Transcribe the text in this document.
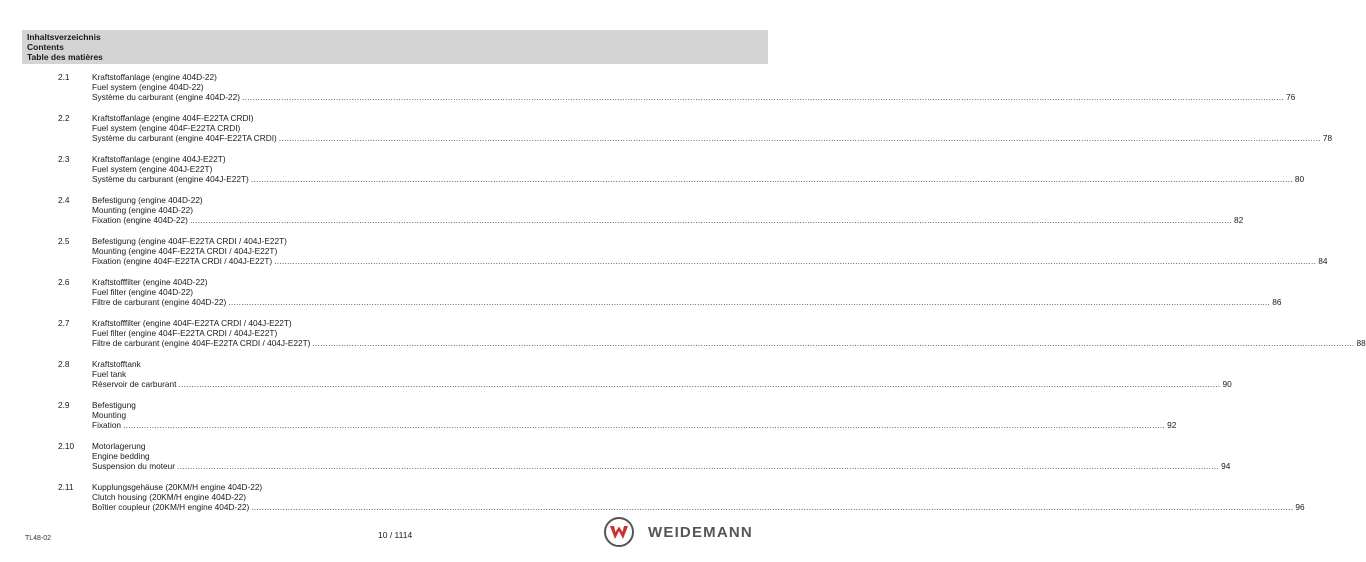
Inhaltsverzeichnis
Contents
Table des matières
2.1	Kraftstoffanlage (engine 404D-22)
Fuel system (engine 404D-22)
Système du carburant (engine 404D-22) ................................................................................................................................................................................................................................................................................................................................................................................................................ 76
2.2	Kraftstoffanlage (engine 404F-E22TA CRDI)
Fuel system (engine 404F-E22TA CRDI)
Système du carburant (engine 404F-E22TA CRDI) ................................................................................................................................................................................................................................................................................................................................................................................................................ 78
2.3	Kraftstoffanlage (engine 404J-E22T)
Fuel system (engine 404J-E22T)
Système du carburant (engine 404J-E22T) ................................................................................................................................................................................................................................................................................................................................................................................................................ 80
2.4	Befestigung (engine 404D-22)
Mounting (engine 404D-22)
Fixation (engine 404D-22) ................................................................................................................................................................................................................................................................................................................................................................................................................ 82
2.5	Befestigung (engine 404F-E22TA CRDI / 404J-E22T)
Mounting (engine 404F-E22TA CRDI / 404J-E22T)
Fixation (engine 404F-E22TA CRDI / 404J-E22T) ................................................................................................................................................................................................................................................................................................................................................................................................................ 84
2.6	Kraftstofffilter (engine 404D-22)
Fuel filter (engine 404D-22)
Filtre de carburant (engine 404D-22) ................................................................................................................................................................................................................................................................................................................................................................................................................ 86
2.7	Kraftstofffilter (engine 404F-E22TA CRDI / 404J-E22T)
Fuel filter (engine 404F-E22TA CRDI / 404J-E22T)
Filtre de carburant (engine 404F-E22TA CRDI / 404J-E22T) ................................................................................................................................................................................................................................................................................................................................................................................................................ 88
2.8	Kraftstofftank
Fuel tank
Réservoir de carburant ................................................................................................................................................................................................................................................................................................................................................................................................................ 90
2.9	Befestigung
Mounting
Fixation ................................................................................................................................................................................................................................................................................................................................................................................................................ 92
2.10 Motorlagerung
Engine bedding
Suspension du moteur ................................................................................................................................................................................................................................................................................................................................................................................................................ 94
2.11 Kupplungsgehäuse (20KM/H engine 404D-22)
Clutch housing (20KM/H engine 404D-22)
Boîtier coupleur (20KM/H engine 404D-22) ................................................................................................................................................................................................................................................................................................................................................................................................................ 96
TL48-02	10 / 1114	WEIDEMANN
